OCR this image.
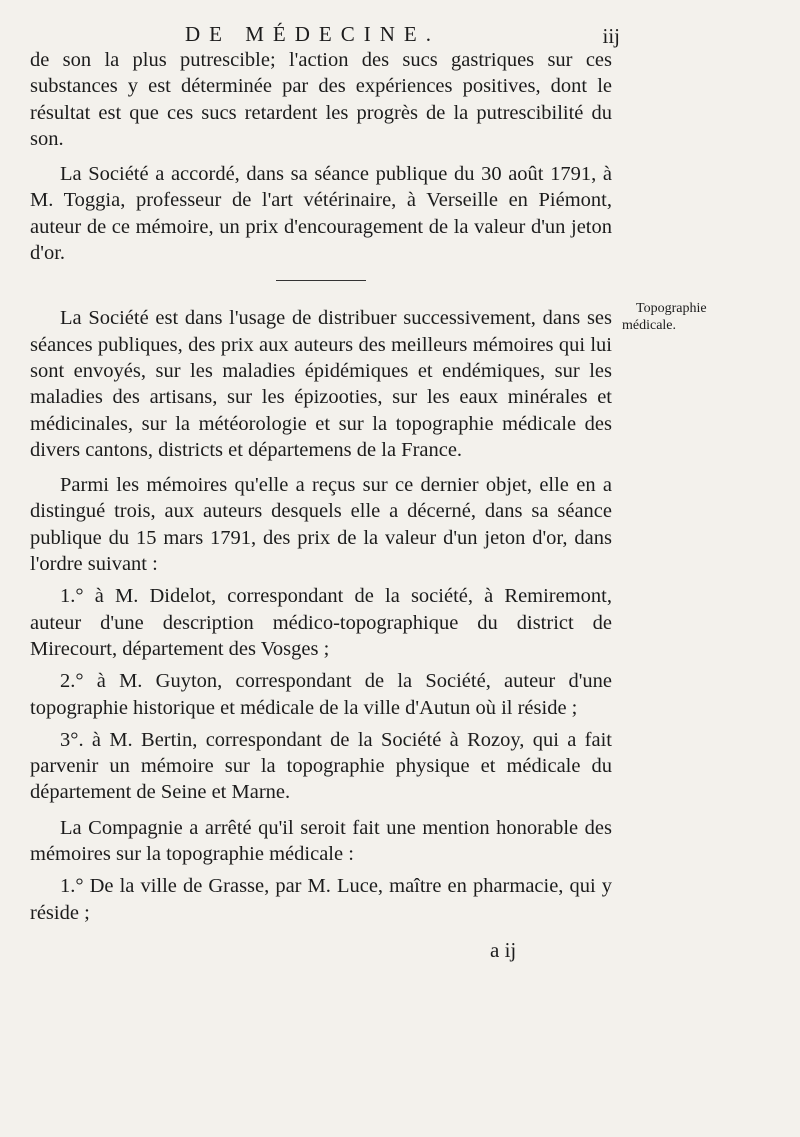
DE MÉDECINE.	iij

de son la plus putrescible; l'action des sucs gastriques sur ces substances y est déterminée par des expériences positives, dont le résultat est que ces sucs retardent les progrès de la putrescibilité du son.

La Société a accordé, dans sa séance publique du 30 août 1791, à M. Toggia, professeur de l'art vétérinaire, à Verseille en Piémont, auteur de ce mémoire, un prix d'encouragement de la valeur d'un jeton d'or.

La Société est dans l'usage de distribuer successivement, dans ses séances publiques, des prix aux auteurs des meilleurs mémoires qui lui sont envoyés, sur les maladies épidémiques et endémiques, sur les maladies des artisans, sur les épizooties, sur les eaux minérales et médicinales, sur la météorologie et sur la topographie médicale des divers cantons, districts et départemens de la France.

Parmi les mémoires qu'elle a reçus sur ce dernier objet, elle en a distingué trois, aux auteurs desquels elle a décerné, dans sa séance publique du 15 mars 1791, des prix de la valeur d'un jeton d'or, dans l'ordre suivant :

1.° à M. Didelot, correspondant de la société, à Remiremont, auteur d'une description médico-topographique du district de Mirecourt, département des Vosges ;

2.° à M. Guyton, correspondant de la Société, auteur d'une topographie historique et médicale de la ville d'Autun où il réside ;

3°. à M. Bertin, correspondant de la Société à Rozoy, qui a fait parvenir un mémoire sur la topographie physique et médicale du département de Seine et Marne.

La Compagnie a arrêté qu'il seroit fait une mention honorable des mémoires sur la topographie médicale :

1.° De la ville de Grasse, par M. Luce, maître en pharmacie, qui y réside ;

Topographie
médicale.
a ij
